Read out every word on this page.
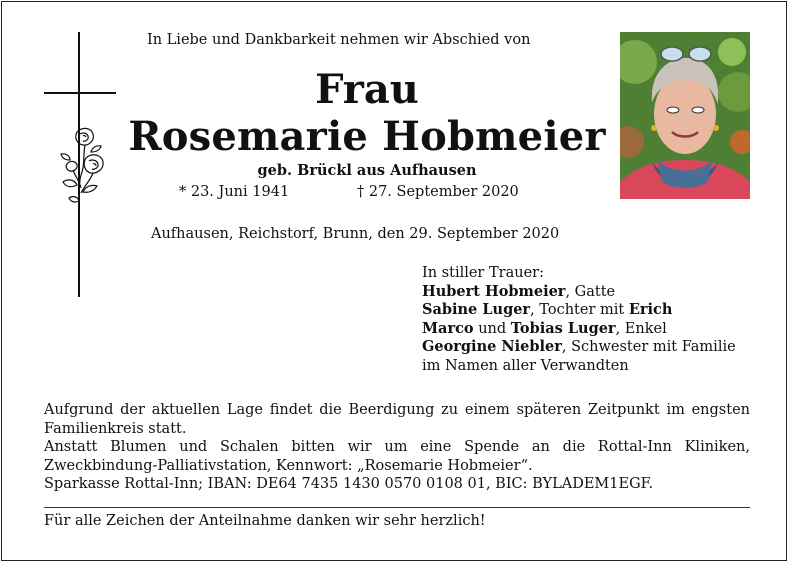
In Liebe und Dankbarkeit nehmen wir Abschied von
Frau
Rosemarie Hobmeier
geb. Brückl aus Aufhausen
* 23. Juni 1941	† 27. September 2020
Aufhausen, Reichstorf, Brunn, den 29. September 2020
In stiller Trauer:
Hubert Hobmeier, Gatte
Sabine Luger, Tochter mit Erich
Marco und Tobias Luger, Enkel
Georgine Niebler, Schwester mit Familie
im Namen aller Verwandten

Aufgrund der aktuellen Lage findet die Beerdigung zu einem späteren Zeitpunkt im engsten Familienkreis statt.

Anstatt Blumen und Schalen bitten wir um eine Spende an die Rottal-Inn Kliniken, Zweckbindung-Palliativstation, Kennwort: „Rosemarie Hobmeier“.

Sparkasse Rottal-Inn; IBAN: DE64 7435 1430 0570 0108 01, BIC: BYLADEM1EGF.

Für alle Zeichen der Anteilnahme danken wir sehr herzlich!
